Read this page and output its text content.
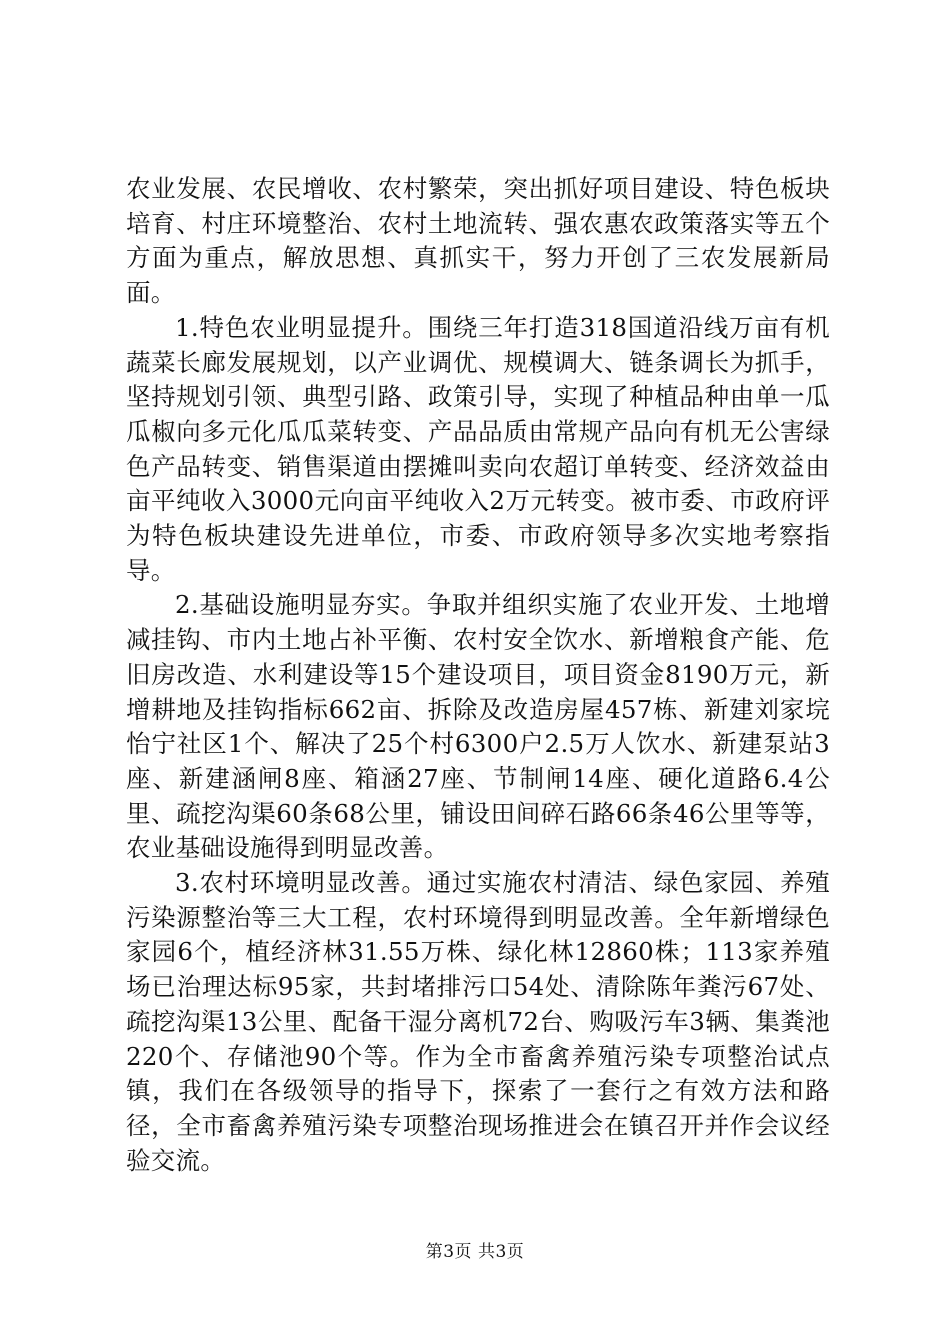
农业发展、农民增收、农村繁荣，突出抓好项目建设、特色板块培育、村庄环境整治、农村土地流转、强农惠农政策落实等五个方面为重点，解放思想、真抓实干，努力开创了三农发展新局面。

1.特色农业明显提升。围绕三年打造318国道沿线万亩有机蔬菜长廊发展规划，以产业调优、规模调大、链条调长为抓手，坚持规划引领、典型引路、政策引导，实现了种植品种由单一瓜瓜椒向多元化瓜瓜菜转变、产品品质由常规产品向有机无公害绿色产品转变、销售渠道由摆摊叫卖向农超订单转变、经济效益由亩平纯收入3000元向亩平纯收入2万元转变。被市委、市政府评为特色板块建设先进单位，市委、市政府领导多次实地考察指导。

2.基础设施明显夯实。争取并组织实施了农业开发、土地增减挂钩、市内土地占补平衡、农村安全饮水、新增粮食产能、危旧房改造、水利建设等15个建设项目，项目资金8190万元，新增耕地及挂钩指标662亩、拆除及改造房屋457栋、新建刘家垸怡宁社区1个、解决了25个村6300户2.5万人饮水、新建泵站3座、新建涵闸8座、箱涵27座、节制闸14座、硬化道路6.4公里、疏挖沟渠60条68公里，铺设田间碎石路66条46公里等等，农业基础设施得到明显改善。

3.农村环境明显改善。通过实施农村清洁、绿色家园、养殖污染源整治等三大工程，农村环境得到明显改善。全年新增绿色家园6个，植经济林31.55万株、绿化林12860株；113家养殖场已治理达标95家，共封堵排污口54处、清除陈年粪污67处、疏挖沟渠13公里、配备干湿分离机72台、购吸污车3辆、集粪池220个、存储池90个等。作为全市畜禽养殖污染专项整治试点镇，我们在各级领导的指导下，探索了一套行之有效方法和路径，全市畜禽养殖污染专项整治现场推进会在镇召开并作会议经验交流。

第3页 共3页
